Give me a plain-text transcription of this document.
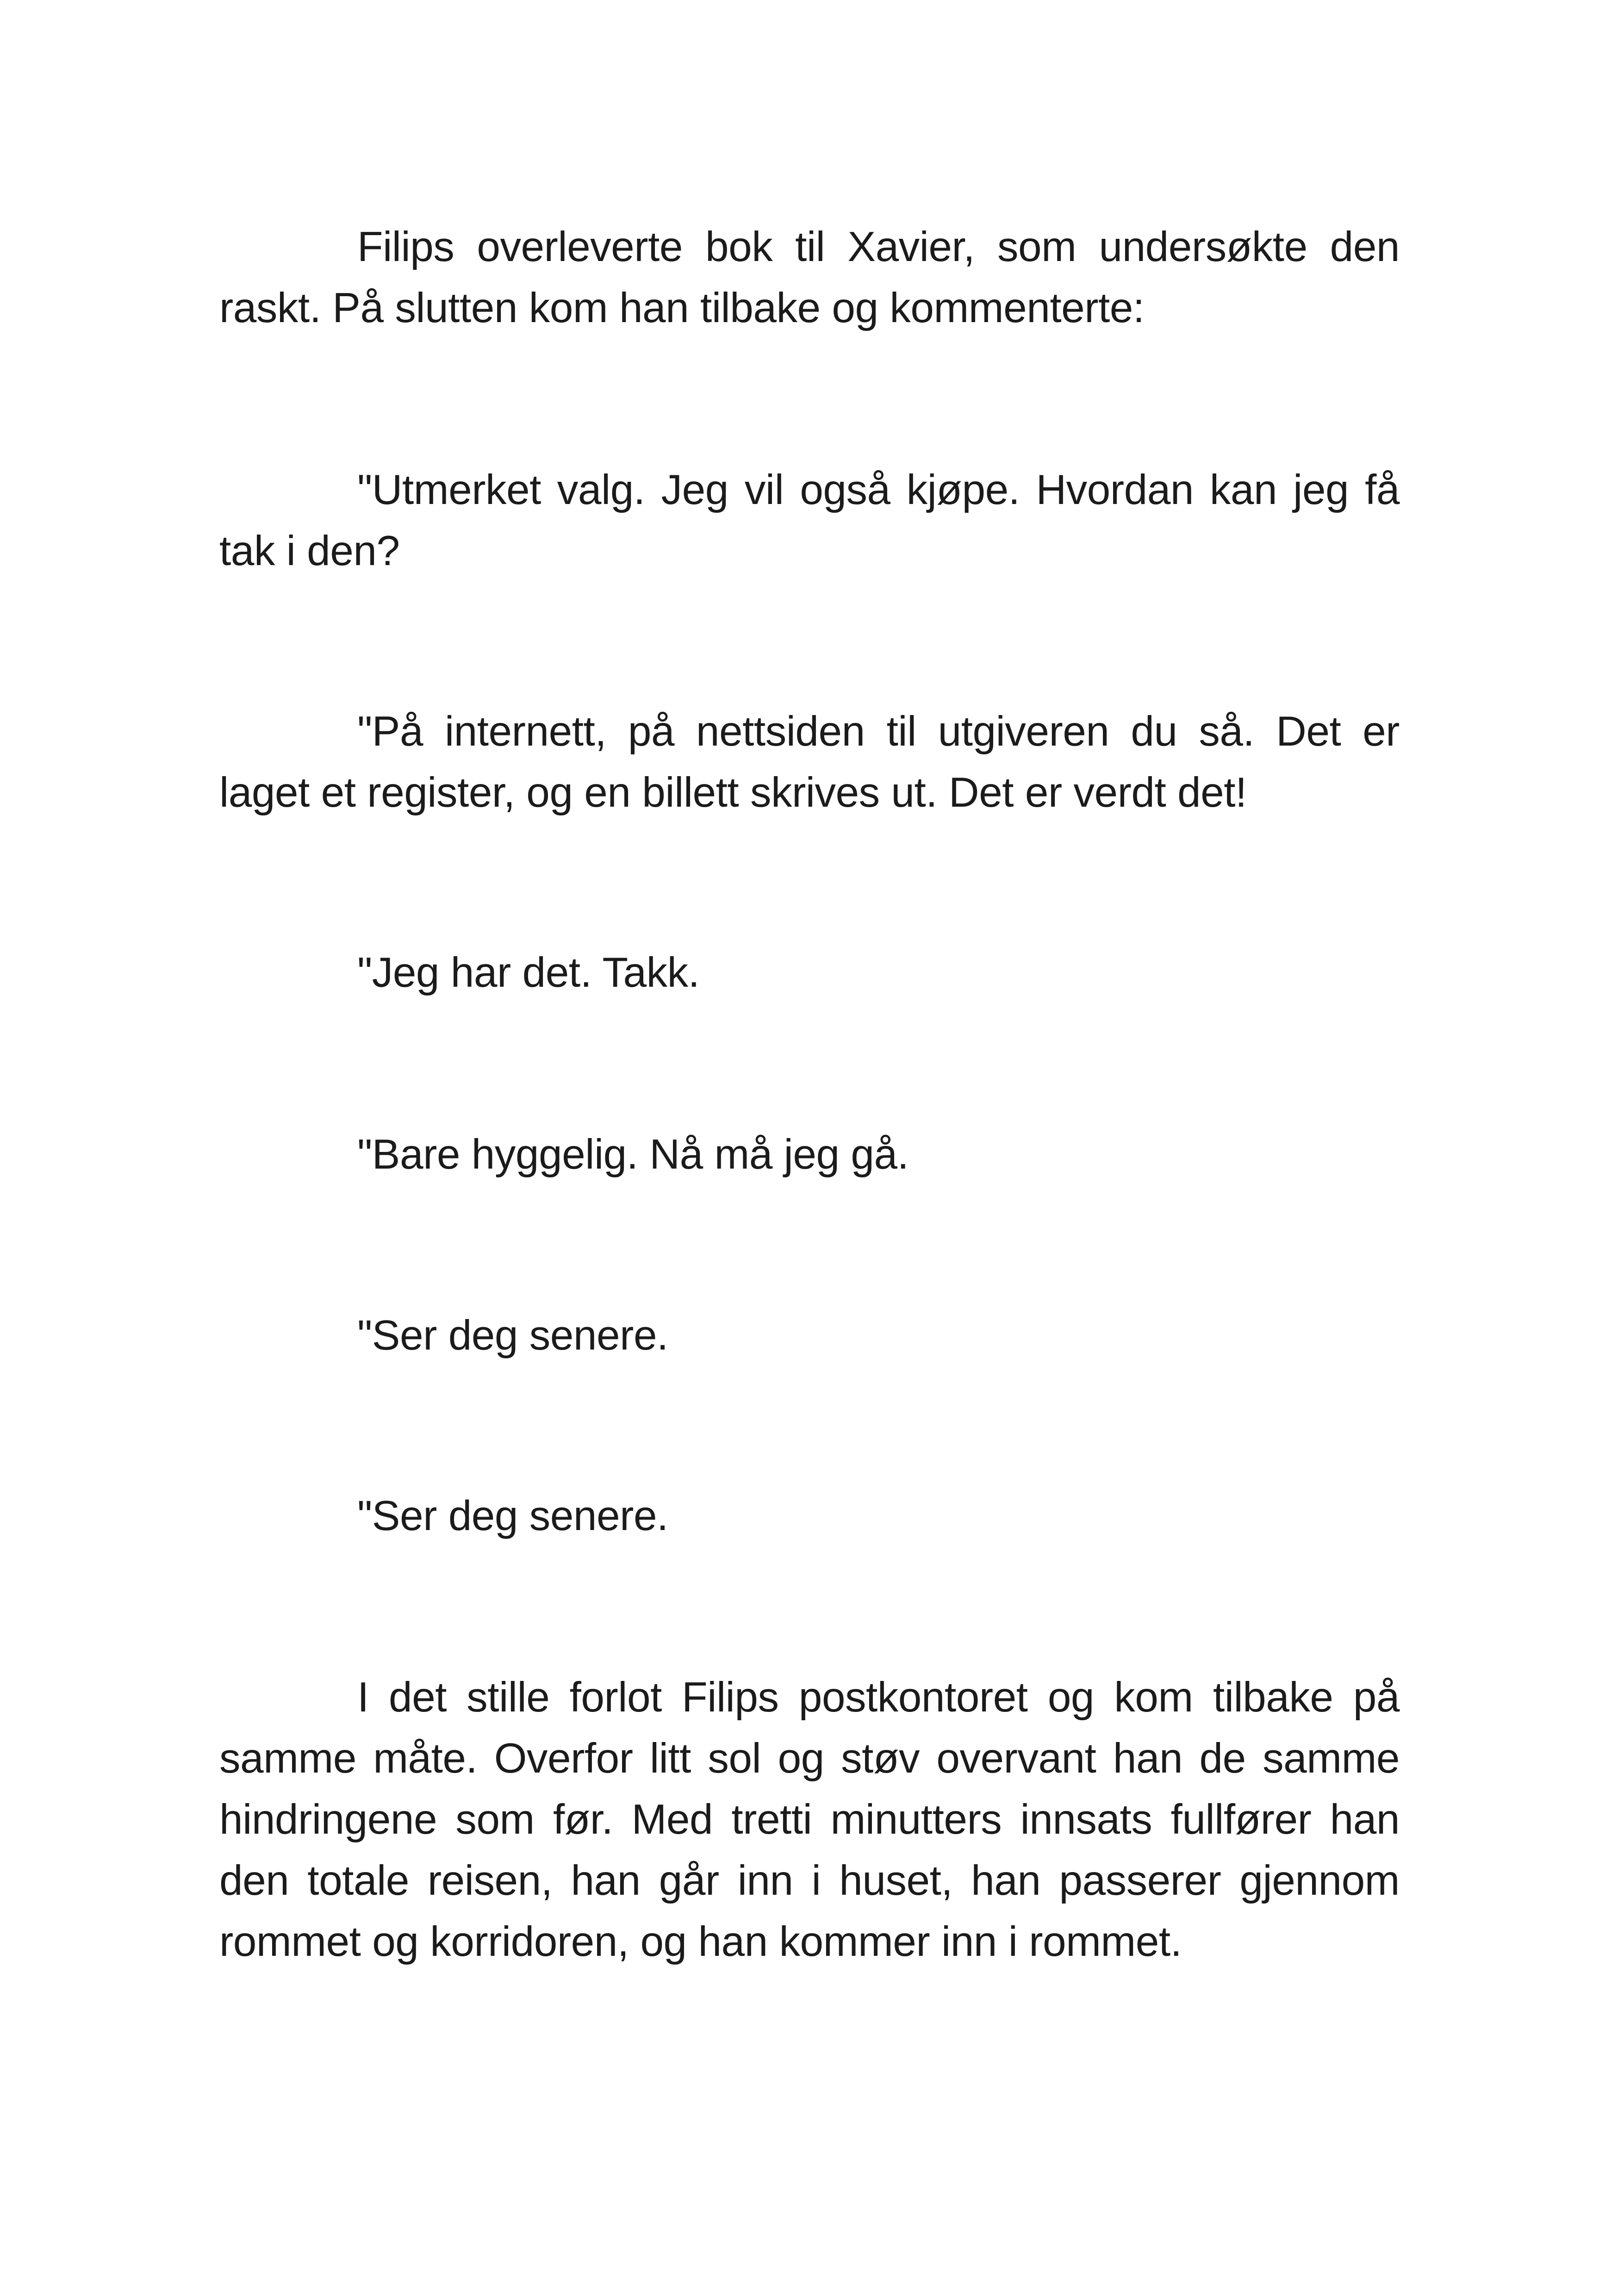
Filips overleverte bok til Xavier, som undersøkte den raskt. På slutten kom han tilbake og kommenterte:

"Utmerket valg. Jeg vil også kjøpe. Hvordan kan jeg få tak i den?

"På internett, på nettsiden til utgiveren du så. Det er laget et register, og en billett skrives ut. Det er verdt det!

"Jeg har det. Takk.

"Bare hyggelig. Nå må jeg gå.

"Ser deg senere.

"Ser deg senere.

I det stille forlot Filips postkontoret og kom tilbake på samme måte. Overfor litt sol og støv overvant han de samme hindringene som før. Med tretti minutters innsats fullfører han den totale reisen, han går inn i huset, han passerer gjennom rommet og korridoren, og han kommer inn i rommet.
